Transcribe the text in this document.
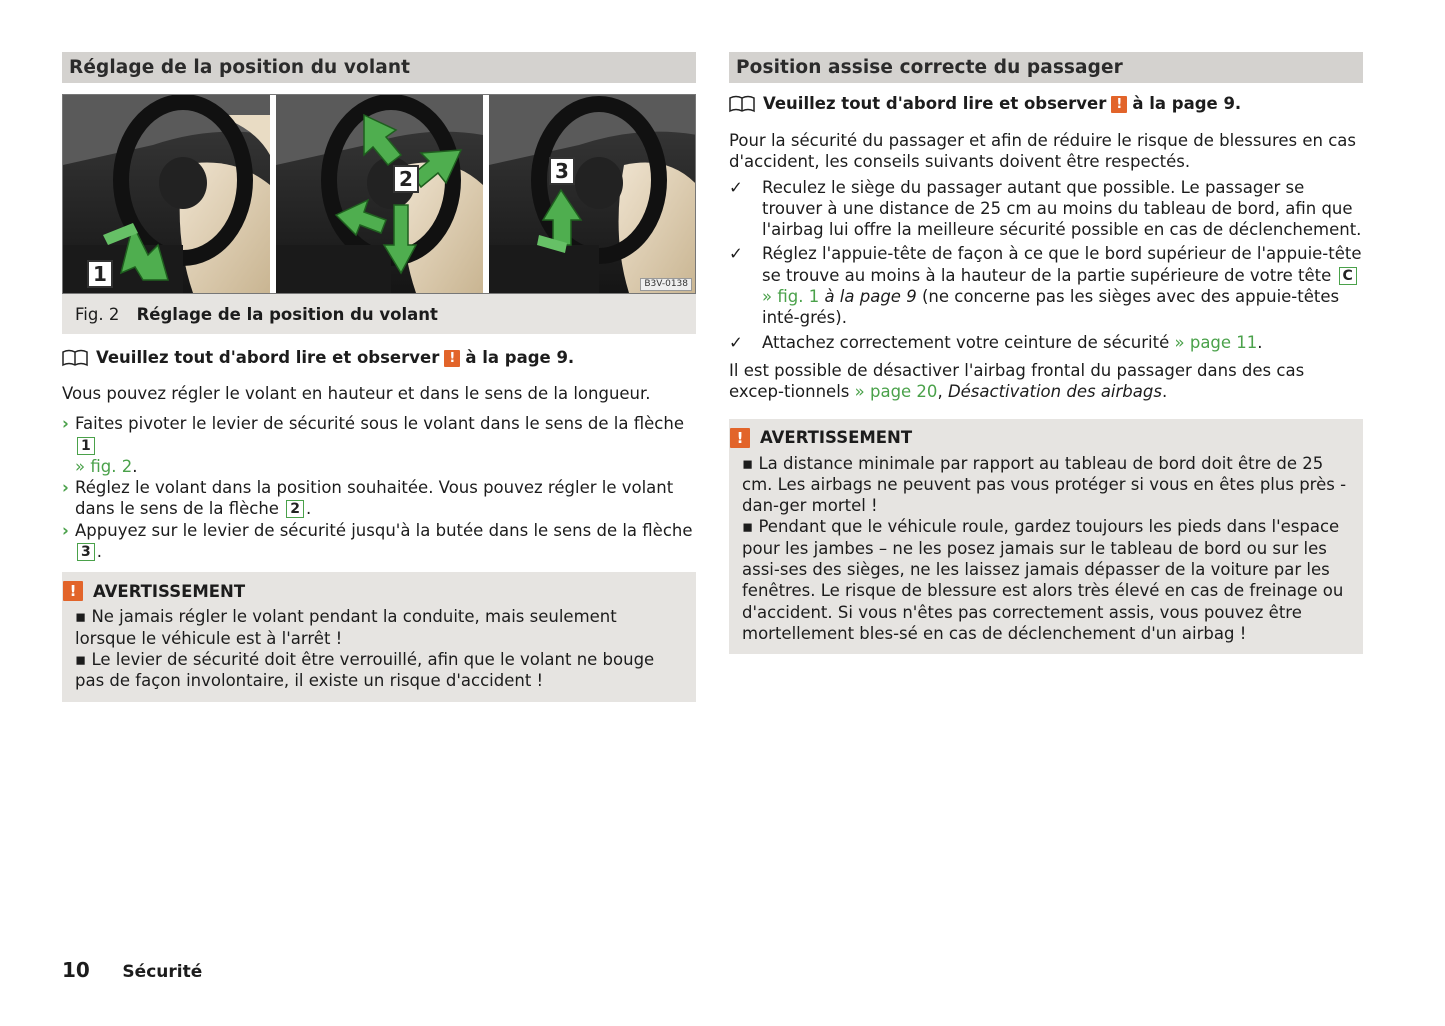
Réglage de la position du volant
1
2	3
B3V-0138
Fig. 2 Réglage de la position du volant
Veuillez tout d'abord lire et observer ! à la page 9.

Vous pouvez régler le volant en hauteur et dans le sens de la longueur.

› Faites pivoter le levier de sécurité sous le volant dans le sens de la flèche 1
» fig. 2.
› Réglez le volant dans la position souhaitée. Vous pouvez régler le volant dans le sens de la flèche 2 .
› Appuyez sur le levier de sécurité jusqu'à la butée dans le sens de la flèche
3 .
!	AVERTISSEMENT
▪ Ne jamais régler le volant pendant la conduite, mais seulement lorsque le véhicule est à l'arrêt !
▪ Le levier de sécurité doit être verrouillé, afin que le volant ne bouge pas de façon involontaire, il existe un risque d'accident !
Position assise correcte du passager
Veuillez tout d'abord lire et observer ! à la page 9.

Pour la sécurité du passager et afin de réduire le risque de blessures en cas d'accident, les conseils suivants doivent être respectés.

✓ Reculez le siège du passager autant que possible. Le passager se trouver à une distance de 25 cm au moins du tableau de bord, afin que l'airbag lui offre la meilleure sécurité possible en cas de déclenchement.
✓ Réglez l'appuie-tête de façon à ce que le bord supérieur de l'appuie-tête se trouve au moins à la hauteur de la partie supérieure de votre tête C
» fig. 1 à la page 9 (ne concerne pas les sièges avec des appuie-têtes inté-grés).
✓ Attachez correctement votre ceinture de sécurité » page 11.

Il est possible de désactiver l'airbag frontal du passager dans des cas excep-tionnels » page 20, Désactivation des airbags.

!	AVERTISSEMENT
▪ La distance minimale par rapport au tableau de bord doit être de 25 cm. Les airbags ne peuvent pas vous protéger si vous en êtes plus près - dan-ger mortel !
▪ Pendant que le véhicule roule, gardez toujours les pieds dans l'espace pour les jambes – ne les posez jamais sur le tableau de bord ou sur les assi-ses des sièges, ne les laissez jamais dépasser de la voiture par les fenêtres. Le risque de blessure est alors très élevé en cas de freinage ou d'accident. Si vous n'êtes pas correctement assis, vous pouvez être mortellement bles-sé en cas de déclenchement d'un airbag !
10 Sécurité
